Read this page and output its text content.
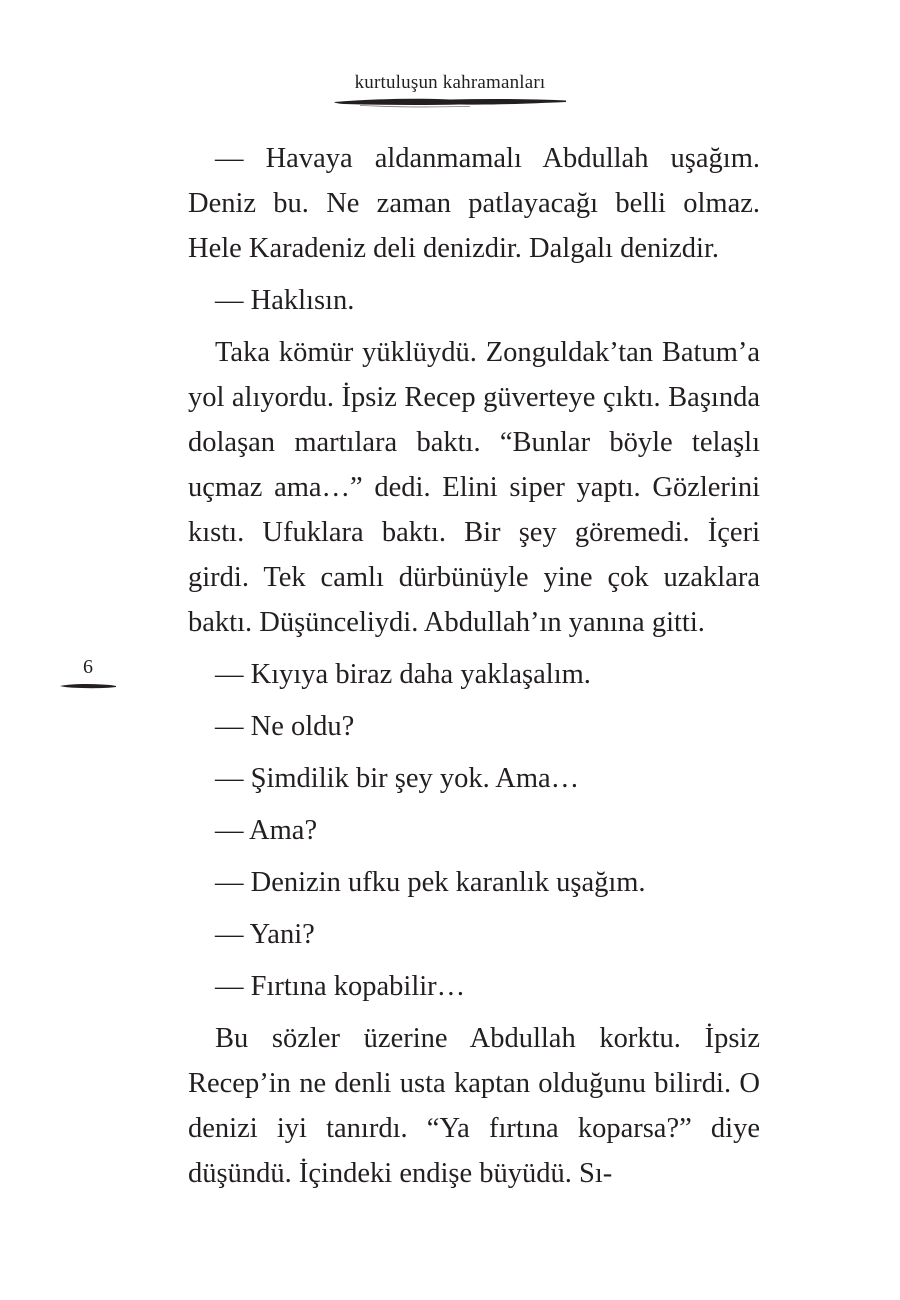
kurtuluşun kahramanları
6

— Havaya aldanmamalı Abdullah uşağım. Deniz bu. Ne zaman patlayacağı belli olmaz. Hele Karadeniz deli denizdir. Dalgalı denizdir.

— Haklısın.

Taka kömür yüklüydü. Zonguldak’tan Batum’a yol alıyordu. İpsiz Recep güverteye çıktı. Başında dolaşan martılara baktı. “Bunlar böyle telaşlı uçmaz ama…” dedi. Elini siper yaptı. Gözlerini kıstı. Ufuklara baktı. Bir şey göremedi. İçeri girdi. Tek camlı dürbünüyle yine çok uzaklara baktı. Düşünceliydi. Abdullah’ın yanına gitti.

— Kıyıya biraz daha yaklaşalım.

— Ne oldu?

— Şimdilik bir şey yok. Ama…

— Ama?

— Denizin ufku pek karanlık uşağım.

— Yani?

— Fırtına kopabilir…

Bu sözler üzerine Abdullah korktu. İpsiz Recep’in ne denli usta kaptan olduğunu bilirdi. O denizi iyi tanırdı. “Ya fırtına koparsa?” diye düşündü. İçindeki endişe büyüdü. Sı-
